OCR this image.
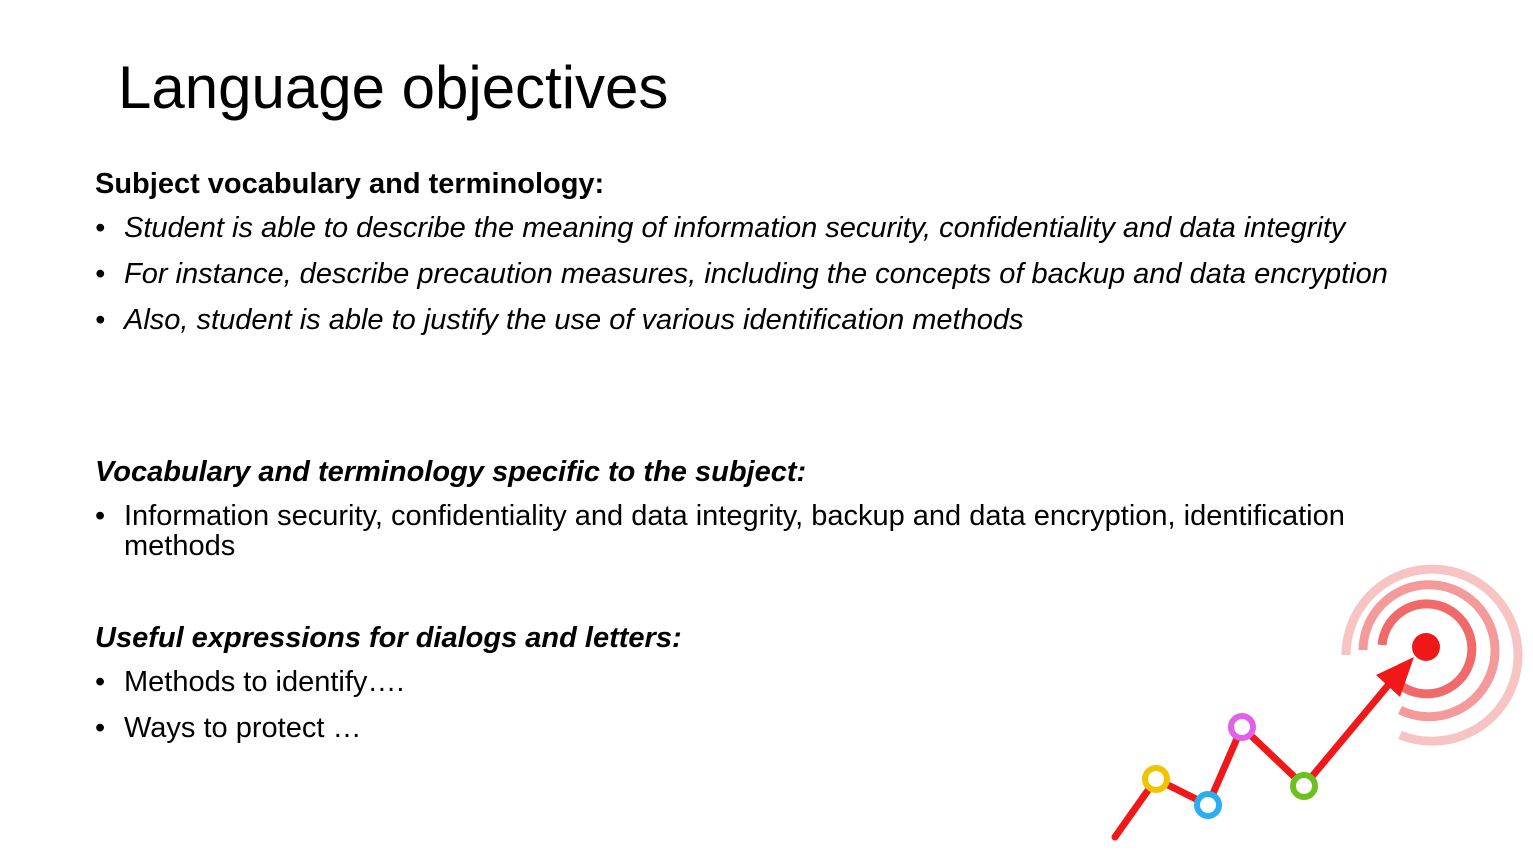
Language objectives

Subject vocabulary and terminology:

• Student is able to describe the meaning of information security, confidentiality and data integrity
• For instance, describe precaution measures, including the concepts of backup and data encryption
• Also, student is able to justify the use of various identification methods

Vocabulary and terminology specific to the subject:

• Information security, confidentiality and data integrity, backup and data encryption, identification methods

Useful expressions for dialogs and letters:

• Methods to identify….
• Ways to protect …
